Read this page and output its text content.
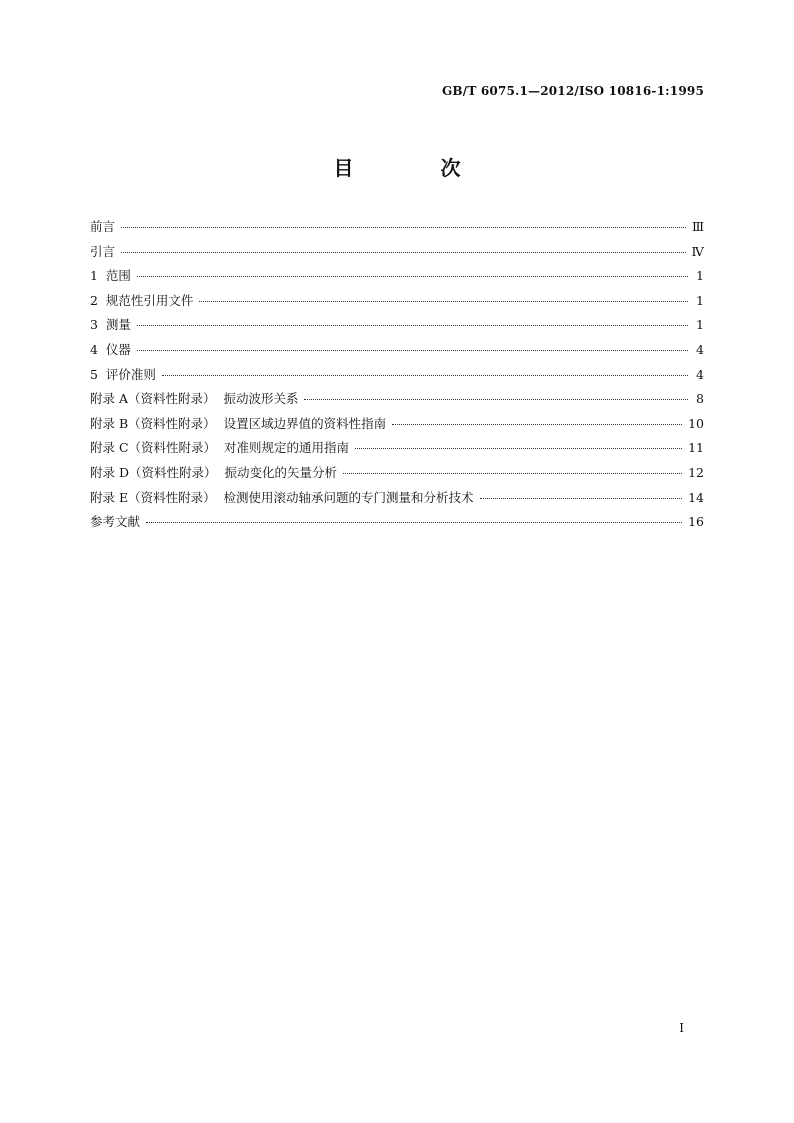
GB/T 6075.1—2012/ISO 10816-1:1995
目 次
前言	Ⅲ
引言	Ⅳ
1  范围	1
2  规范性引用文件	1
3  测量	1
4  仪器	4
5  评价准则	4
附录 A（资料性附录）  振动波形关系	8
附录 B（资料性附录）  设置区域边界值的资料性指南	10
附录 C（资料性附录）  对准则规定的通用指南	11
附录 D（资料性附录）  振动变化的矢量分析	12
附录 E（资料性附录）  检测使用滚动轴承问题的专门测量和分析技术	14
参考文献	16
Ⅰ
